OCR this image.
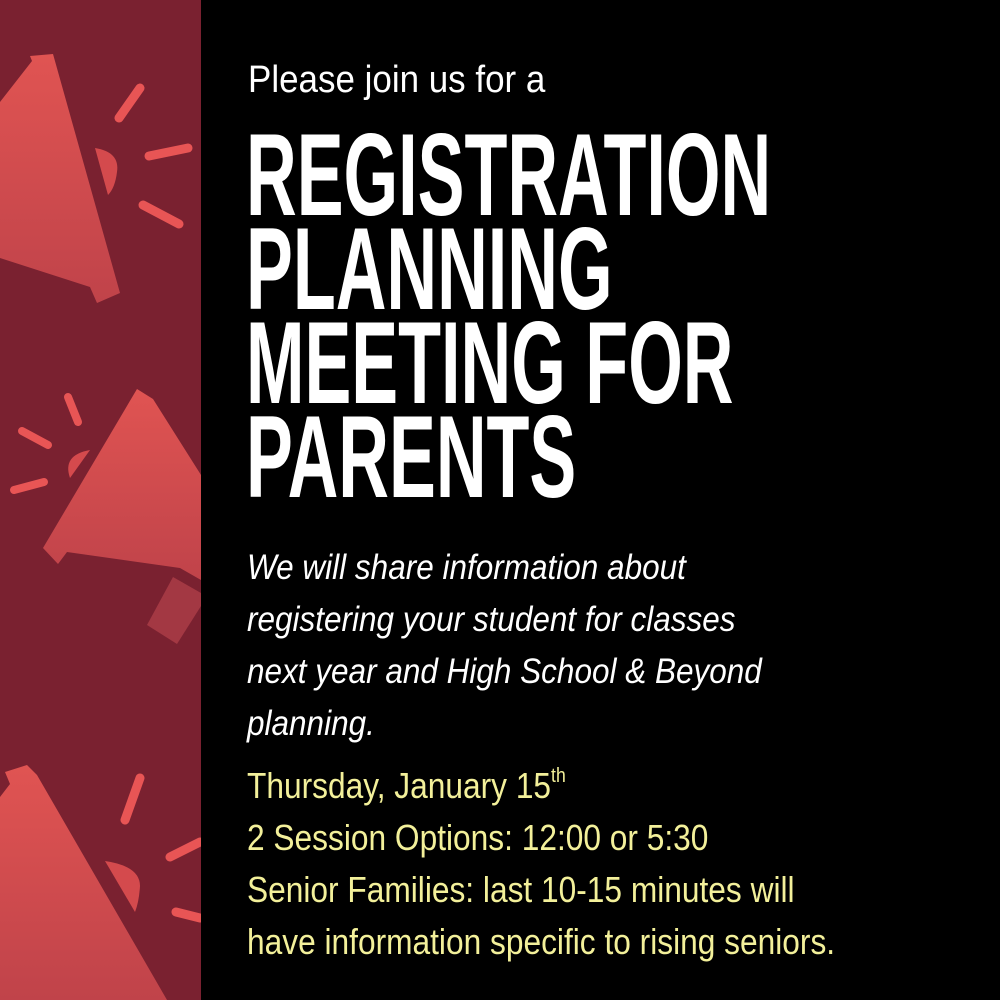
Please join us for a
REGISTRATION
PLANNING
MEETING FOR
PARENTS
We will share information about
registering your student for classes
next year and High School & Beyond
planning.
Thursday, January 15th
2 Session Options: 12:00 or 5:30
Senior Families: last 10-15 minutes will
have information specific to rising seniors.
